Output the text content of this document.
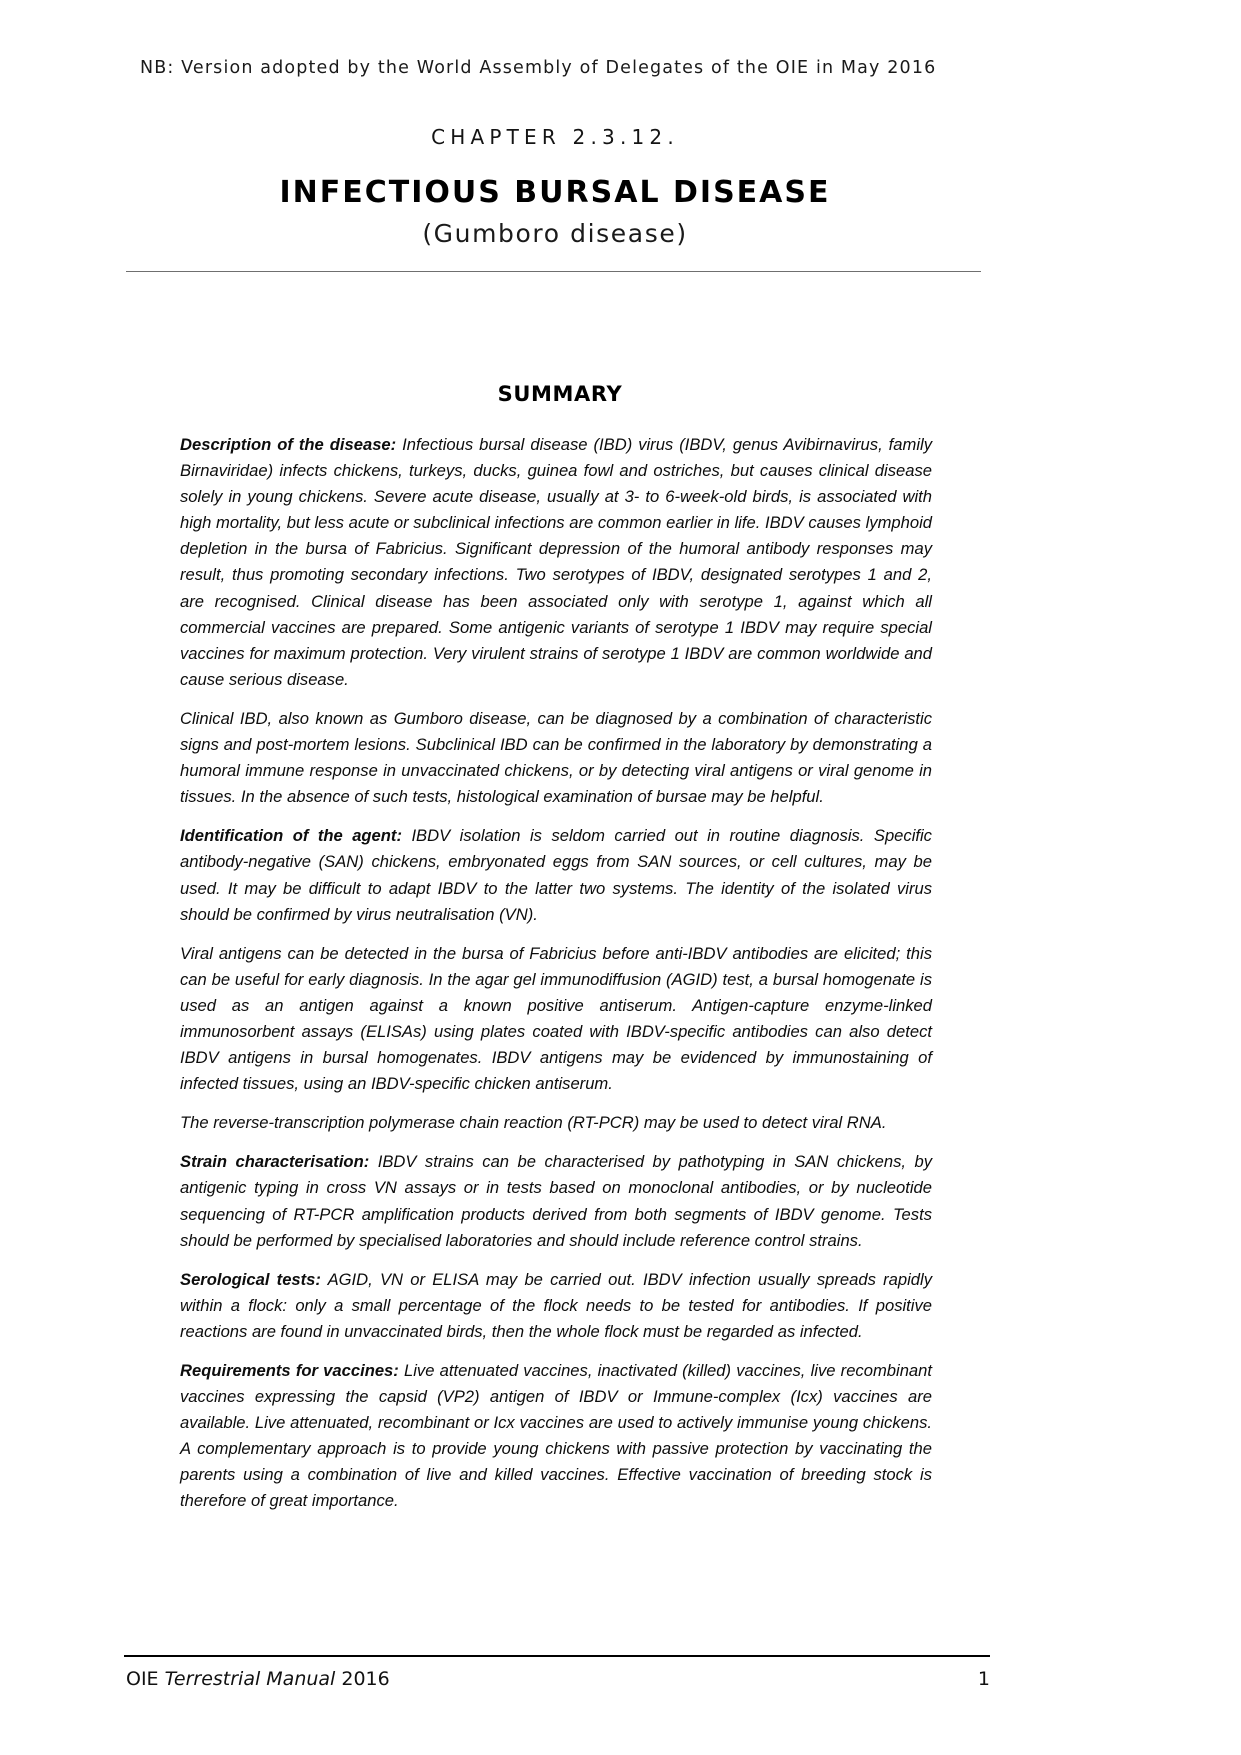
NB: Version adopted by the World Assembly of Delegates of the OIE in May 2016
CHAPTER 2.3.12.
INFECTIOUS BURSAL DISEASE
(Gumboro disease)
SUMMARY

Description of the disease: Infectious bursal disease (IBD) virus (IBDV, genus Avibirnavirus, family Birnaviridae) infects chickens, turkeys, ducks, guinea fowl and ostriches, but causes clinical disease solely in young chickens. Severe acute disease, usually at 3- to 6-week-old birds, is associated with high mortality, but less acute or subclinical infections are common earlier in life. IBDV causes lymphoid depletion in the bursa of Fabricius. Significant depression of the humoral antibody responses may result, thus promoting secondary infections. Two serotypes of IBDV, designated serotypes 1 and 2, are recognised. Clinical disease has been associated only with serotype 1, against which all commercial vaccines are prepared. Some antigenic variants of serotype 1 IBDV may require special vaccines for maximum protection. Very virulent strains of serotype 1 IBDV are common worldwide and cause serious disease.

Clinical IBD, also known as Gumboro disease, can be diagnosed by a combination of characteristic signs and post-mortem lesions. Subclinical IBD can be confirmed in the laboratory by demonstrating a humoral immune response in unvaccinated chickens, or by detecting viral antigens or viral genome in tissues. In the absence of such tests, histological examination of bursae may be helpful.

Identification of the agent: IBDV isolation is seldom carried out in routine diagnosis. Specific antibody-negative (SAN) chickens, embryonated eggs from SAN sources, or cell cultures, may be used. It may be difficult to adapt IBDV to the latter two systems. The identity of the isolated virus should be confirmed by virus neutralisation (VN).

Viral antigens can be detected in the bursa of Fabricius before anti-IBDV antibodies are elicited; this can be useful for early diagnosis. In the agar gel immunodiffusion (AGID) test, a bursal homogenate is used as an antigen against a known positive antiserum. Antigen-capture enzyme-linked immunosorbent assays (ELISAs) using plates coated with IBDV-specific antibodies can also detect IBDV antigens in bursal homogenates. IBDV antigens may be evidenced by immunostaining of infected tissues, using an IBDV-specific chicken antiserum.

The reverse-transcription polymerase chain reaction (RT-PCR) may be used to detect viral RNA.

Strain characterisation: IBDV strains can be characterised by pathotyping in SAN chickens, by antigenic typing in cross VN assays or in tests based on monoclonal antibodies, or by nucleotide sequencing of RT-PCR amplification products derived from both segments of IBDV genome. Tests should be performed by specialised laboratories and should include reference control strains.

Serological tests: AGID, VN or ELISA may be carried out. IBDV infection usually spreads rapidly within a flock: only a small percentage of the flock needs to be tested for antibodies. If positive reactions are found in unvaccinated birds, then the whole flock must be regarded as infected.

Requirements for vaccines: Live attenuated vaccines, inactivated (killed) vaccines, live recombinant vaccines expressing the capsid (VP2) antigen of IBDV or Immune-complex (Icx) vaccines are available. Live attenuated, recombinant or Icx vaccines are used to actively immunise young chickens. A complementary approach is to provide young chickens with passive protection by vaccinating the parents using a combination of live and killed vaccines. Effective vaccination of breeding stock is therefore of great importance.

OIE Terrestrial Manual 2016	1
